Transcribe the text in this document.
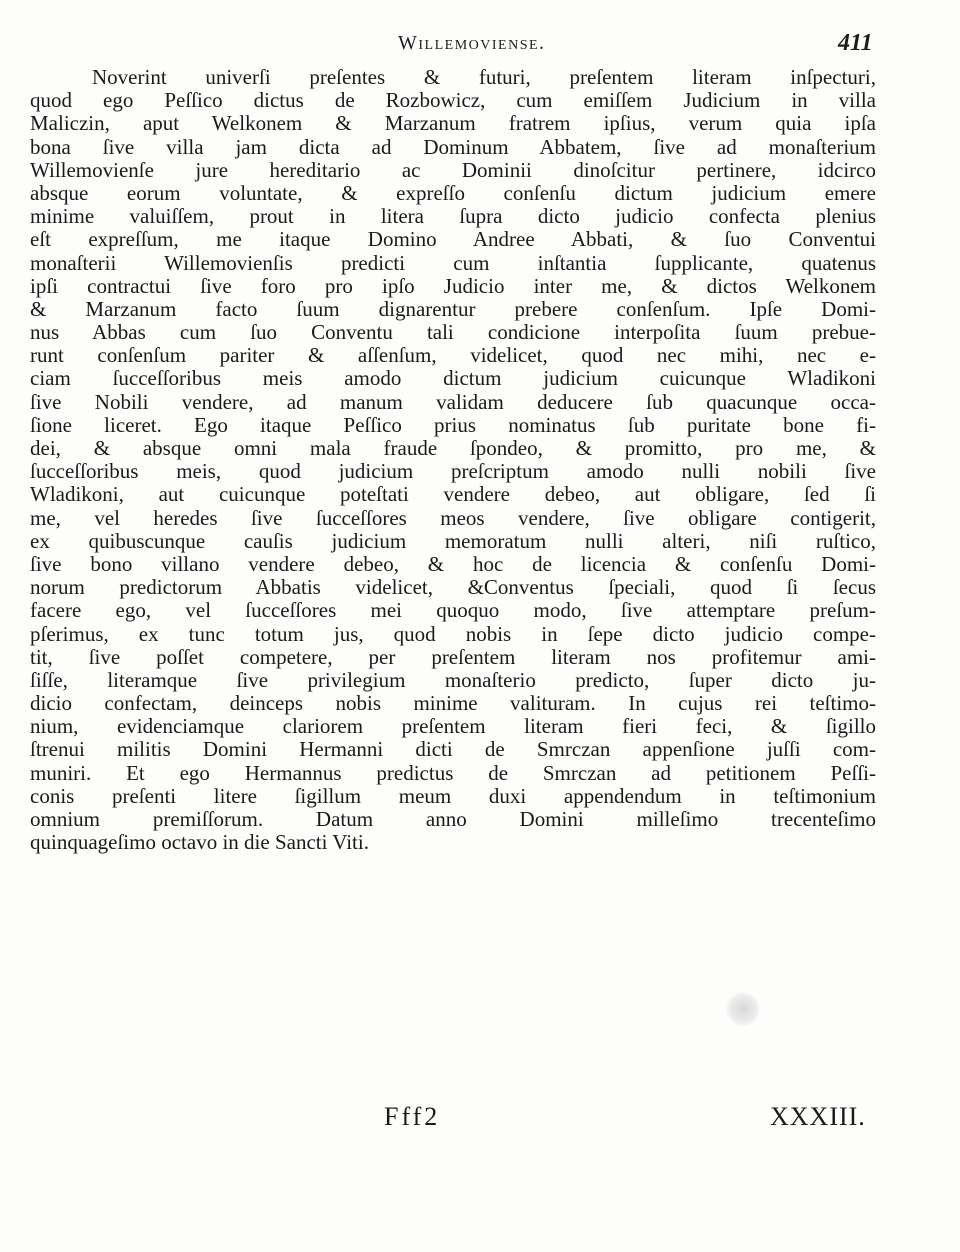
Willemoviense.	411
Noverint univerſi preſentes & futuri, preſentem literam inſpecturi,
quod ego Peſſico dictus de Rozbowicz, cum emiſſem Judicium in villa
Maliczin, aput Welkonem & Marzanum fratrem ipſius, verum quia ipſa
bona ſive villa jam dicta ad Dominum Abbatem, ſive ad monaſterium
Willemovienſe jure hereditario ac Dominii dinoſcitur pertinere, idcirco
absque eorum voluntate, & expreſſo conſenſu dictum judicium emere
minime valuiſſem, prout in litera ſupra dicto judicio confecta plenius
eſt expreſſum, me itaque Domino Andree Abbati, & ſuo Conventui
monaſterii Willemovienſis predicti cum inſtantia ſupplicante, quatenus
ipſi contractui ſive foro pro ipſo Judicio inter me, & dictos Welkonem
& Marzanum facto ſuum dignarentur prebere conſenſum. Ipſe Domi-
nus Abbas cum ſuo Conventu tali condicione interpoſita ſuum prebue-
runt conſenſum pariter & aſſenſum, videlicet, quod nec mihi, nec e-
ciam ſucceſſoribus meis amodo dictum judicium cuicunque Wladikoni
ſive Nobili vendere, ad manum validam deducere ſub quacunque occa-
ſione liceret. Ego itaque Peſſico prius nominatus ſub puritate bone fi-
dei, & absque omni mala fraude ſpondeo, & promitto, pro me, &
ſucceſſoribus meis, quod judicium preſcriptum amodo nulli nobili ſive
Wladikoni, aut cuicunque poteſtati vendere debeo, aut obligare, ſed ſi
me, vel heredes ſive ſucceſſores meos vendere, ſive obligare contigerit,
ex quibuscunque cauſis judicium memoratum nulli alteri, niſi ruſtico,
ſive bono villano vendere debeo, & hoc de licencia & conſenſu Domi-
norum predictorum Abbatis videlicet, &Conventus ſpeciali, quod ſi ſecus
facere ego, vel ſucceſſores mei quoquo modo, ſive attemptare preſum-
pſerimus, ex tunc totum jus, quod nobis in ſepe dicto judicio compe-
tit, ſive poſſet competere, per preſentem literam nos profitemur ami-
ſiſſe, literamque ſive privilegium monaſterio predicto, ſuper dicto ju-
dicio confectam, deinceps nobis minime valituram. In cujus rei teſtimo-
nium, evidenciamque clariorem preſentem literam fieri feci, & ſigillo
ſtrenui militis Domini Hermanni dicti de Smrczan appenſione juſſi com-
muniri. Et ego Hermannus predictus de Smrczan ad petitionem Peſſi-
conis preſenti litere ſigillum meum duxi appendendum in teſtimonium
omnium premiſſorum. Datum anno Domini milleſimo trecenteſimo
quinquageſimo octavo in die Sancti Viti.
Fff2	XXXIII.
